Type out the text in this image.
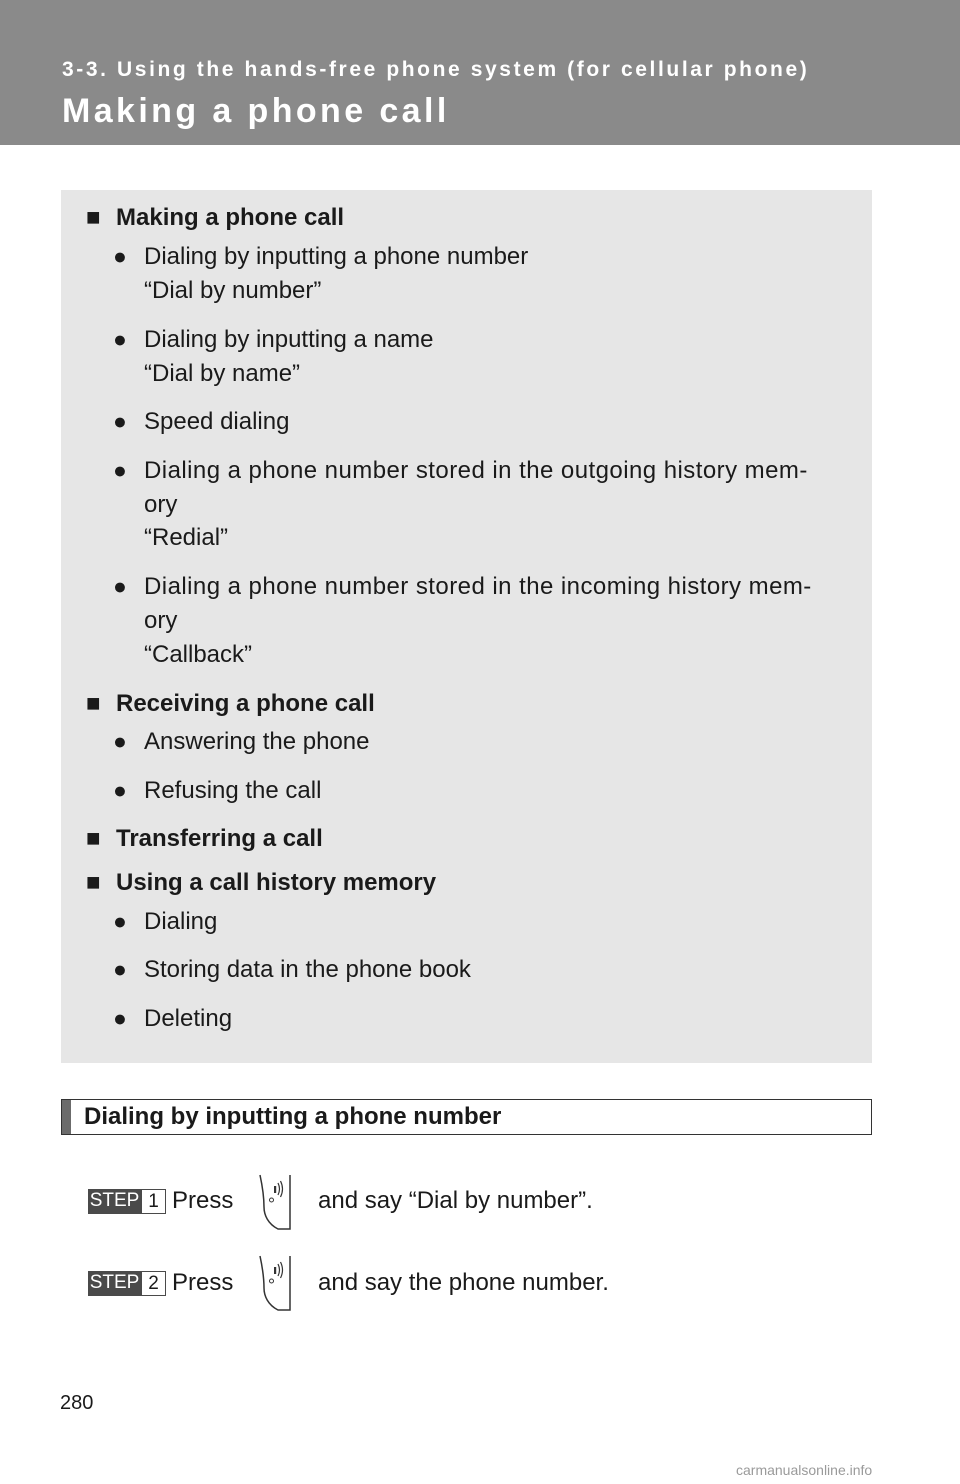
3-3. Using the hands-free phone system (for cellular phone)
Making a phone call
■ Making a phone call
● Dialing by inputting a phone number
“Dial by number”
● Dialing by inputting a name
“Dial by name”
● Speed dialing
● Dialing a phone number stored in the outgoing history mem-
ory
“Redial”
● Dialing a phone number stored in the incoming history mem-
ory
“Callback”
■ Receiving a phone call
● Answering the phone
● Refusing the call
■ Transferring a call
■ Using a call history memory
● Dialing
● Storing data in the phone book
● Deleting
Dialing by inputting a phone number
STEP 1 Press	and say “Dial by number”.
STEP 2 Press	and say the phone number.
280
carmanualsonline.info
